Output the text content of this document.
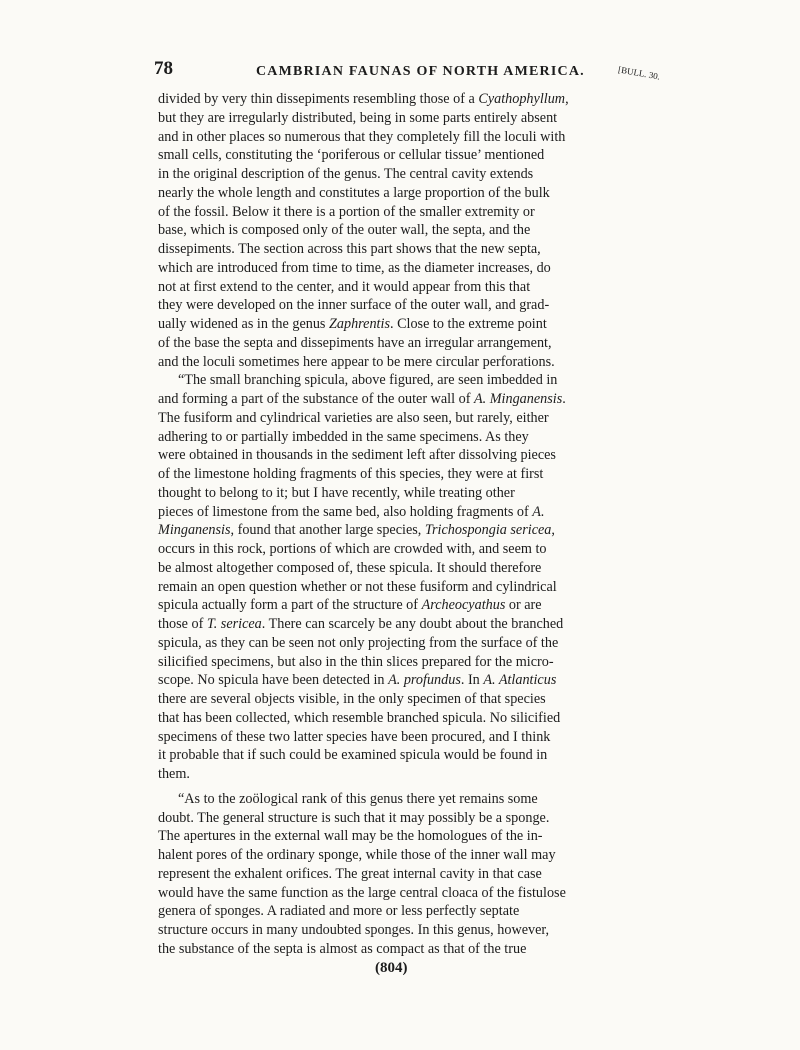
78	CAMBRIAN FAUNAS OF NORTH AMERICA.	[BULL. 30.
divided by very thin dissepiments resembling those of a Cyathophyllum,
but they are irregularly distributed, being in some parts entirely absent
and in other places so numerous that they completely fill the loculi with
small cells, constituting the ‘poriferous or cellular tissue’ mentioned
in the original description of the genus. The central cavity extends
nearly the whole length and constitutes a large proportion of the bulk
of the fossil. Below it there is a portion of the smaller extremity or
base, which is composed only of the outer wall, the septa, and the
dissepiments. The section across this part shows that the new septa,
which are introduced from time to time, as the diameter increases, do
not at first extend to the center, and it would appear from this that
they were developed on the inner surface of the outer wall, and grad-
ually widened as in the genus Zaphrentis. Close to the extreme point
of the base the septa and dissepiments have an irregular arrangement,
and the loculi sometimes here appear to be mere circular perforations.
“The small branching spicula, above figured, are seen imbedded in
and forming a part of the substance of the outer wall of A. Minganensis.
The fusiform and cylindrical varieties are also seen, but rarely, either
adhering to or partially imbedded in the same specimens. As they
were obtained in thousands in the sediment left after dissolving pieces
of the limestone holding fragments of this species, they were at first
thought to belong to it; but I have recently, while treating other
pieces of limestone from the same bed, also holding fragments of A.
Minganensis, found that another large species, Trichospongia sericea,
occurs in this rock, portions of which are crowded with, and seem to
be almost altogether composed of, these spicula. It should therefore
remain an open question whether or not these fusiform and cylindrical
spicula actually form a part of the structure of Archeocyathus or are
those of T. sericea. There can scarcely be any doubt about the branched
spicula, as they can be seen not only projecting from the surface of the
silicified specimens, but also in the thin slices prepared for the micro-
scope. No spicula have been detected in A. profundus. In A. Atlanticus
there are several objects visible, in the only specimen of that species
that has been collected, which resemble branched spicula. No silicified
specimens of these two latter species have been procured, and I think
it probable that if such could be examined spicula would be found in
them.
“As to the zoölogical rank of this genus there yet remains some
doubt. The general structure is such that it may possibly be a sponge.
The apertures in the external wall may be the homologues of the in-
halent pores of the ordinary sponge, while those of the inner wall may
represent the exhalent orifices. The great internal cavity in that case
would have the same function as the large central cloaca of the fistulose
genera of sponges. A radiated and more or less perfectly septate
structure occurs in many undoubted sponges. In this genus, however,
the substance of the septa is almost as compact as that of the true
(804)
